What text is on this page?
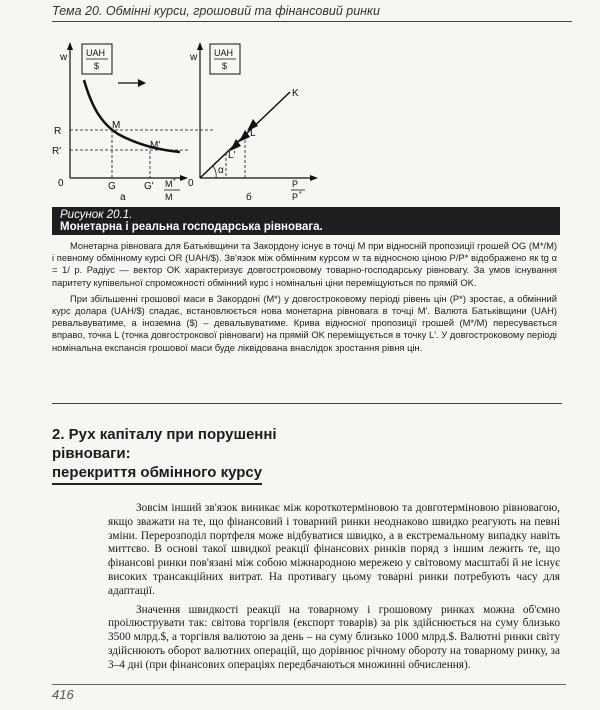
Тема 20. Обмінні курси, грошовий та фінансовий ринки
w UAH
$
R
R'
M
M'
0	G	G' M *
M
а
w UAH
$
K
L
L'
α
0	P
P *
б
Рисунок 20.1.
Монетарна і реальна господарська рівновага.

Монетарна рівновага для Батьківщини та Закордону існує в точці M при відносній пропозиції грошей OG (M*/M) і певному обмінному курсі OR (UAH/$). Зв'язок між обмінним курсом w та відносною ціною P/P* відображено як tg α = 1/ p. Радіус — вектор OK характеризує довгостроковому товарно-господарську рівновагу. За умов існування паритету купівельної спроможності обмінний курс і номінальні ціни переміщуються по прямій OK.

При збільшенні грошової маси в Закордоні (M*) у довгостроковому періоді рівень цін (P*) зростає, а обмінний курс долара (UAH/$) спадає, встановлюється нова монетарна рівновага в точці M'. Валюта Батьківщини (UAH) ревальвуватиме, а іноземна ($) – девальвуватиме. Крива відносної пропозиції грошей (M*/M) пересувається вправо, точка L (точка довгострокової рівноваги) на прямій OK переміщується в точку L'. У довгостроковому періоді номінальна експансія грошової маси буде ліквідована внаслідок зростання рівня цін.

2. Рух капіталу при порушенні рівноваги:
перекриття обмінного курсу

Зовсім інший зв'язок виникає між короткотерміновою та довготерміновою рівновагою, якщо зважати на те, що фінансовий і товарний ринки неоднаково швидко реагують на певні зміни. Перерозподіл портфеля може відбуватися швидко, а в екстремальному випадку навіть миттєво. В основі такої швидкої реакції фінансових ринків поряд з іншим лежить те, що фінансові ринки пов'язані між собою міжнародною мережею у світовому масштабі й не існує високих трансакційних витрат. На противагу цьому товарні ринки потребують часу для адаптації.

Значення швидкості реакції на товарному і грошовому ринках можна об'ємно проілюструвати так: світова торгівля (експорт товарів) за рік здійснюється на суму близько 3500 млрд.$, а торгівля валютою за день – на суму близько 1000 млрд.$. Валютні ринки світу здійснюють оборот валютних операцій, що дорівнює річному обороту на товарному ринку, за 3–4 дні (при фінансових операціях передбачаються множинні обчислення).

416
